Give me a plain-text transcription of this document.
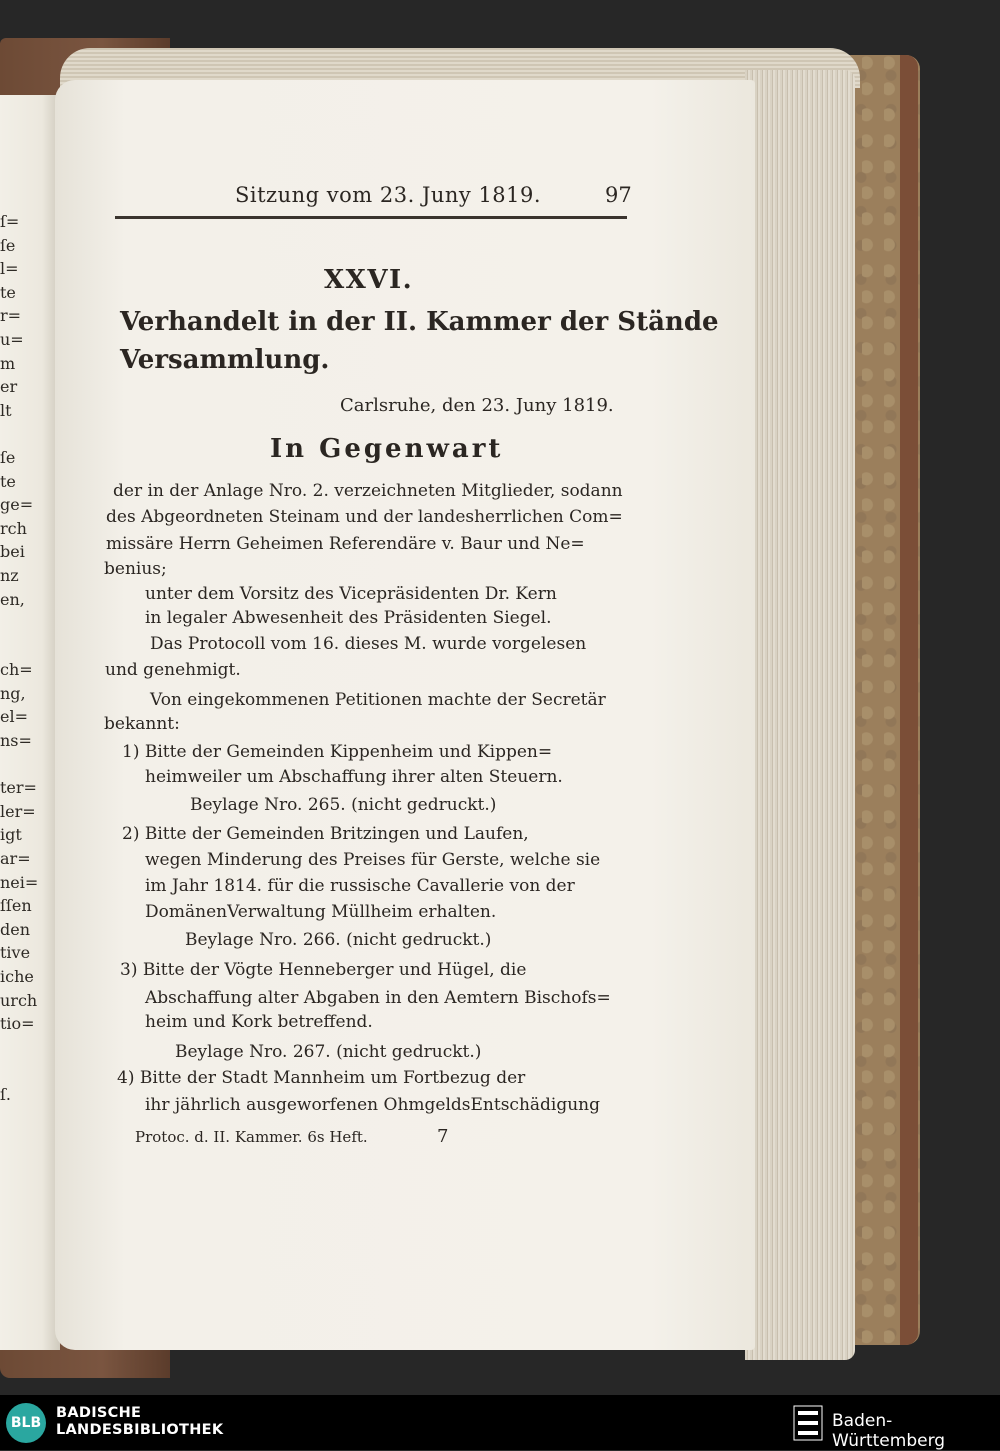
ſ=
ſe
l=
te
r=
u=
m
er
lt

ſe
te
ge=
rch
bei
nz
en,

ch=
ng,
el=
ns=

ter=
ler=
igt
ar=
nei=
ſſen
den
tive
iche
urch
tio=

ſ.
Sitzung vom 23. Juny 1819.	97
XXVI.
Verhandelt in der II. Kammer der Stände
Versammlung.
Carlsruhe, den 23. Juny 1819.
In Gegenwart
der in der Anlage Nro. 2. verzeichneten Mitglieder, sodann
des Abgeordneten Steinam und der landesherrlichen Com=
missäre Herrn Geheimen Referendäre v. Baur und Ne=
benius;
unter dem Vorsitz des Vicepräsidenten Dr. Kern
in legaler Abwesenheit des Präsidenten Siegel.
Das Protocoll vom 16. dieses M. wurde vorgelesen
und genehmigt.
Von eingekommenen Petitionen machte der Secretär
bekannt:
1) Bitte der Gemeinden Kippenheim und Kippen=
heimweiler um Abschaffung ihrer alten Steuern.
Beylage Nro. 265. (nicht gedruckt.)
2) Bitte der Gemeinden Britzingen und Laufen,
wegen Minderung des Preises für Gerste, welche sie
im Jahr 1814. für die russische Cavallerie von der
DomänenVerwaltung Müllheim erhalten.
Beylage Nro. 266. (nicht gedruckt.)
3) Bitte der Vögte Henneberger und Hügel, die
Abschaffung alter Abgaben in den Aemtern Bischofs=
heim und Kork betreffend.
Beylage Nro. 267. (nicht gedruckt.)
4) Bitte der Stadt Mannheim um Fortbezug der
ihr jährlich ausgeworfenen OhmgeldsEntschädigung
Protoc. d. II. Kammer. 6s Heft.	7
BLB
BADISCHE
LANDESBIBLIOTHEK	Baden-Württemberg
